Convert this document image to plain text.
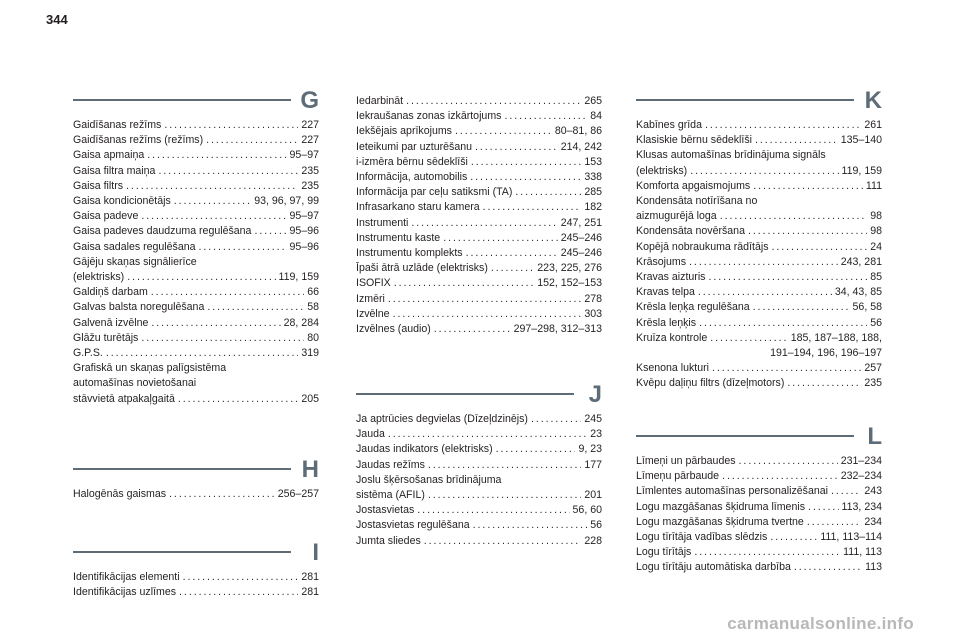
344
G
Gaidīšanas režīms . . .	227
Gaidīšanas režīms (režīms) . . .	227
Gaisa apmaiņa . . .	95–97
Gaisa filtra maiņa . . .	235
Gaisa filtrs . . .	235
Gaisa kondicionētājs . . .	93, 96, 97, 99
Gaisa padeve . . .	95–97
Gaisa padeves daudzuma regulēšana . . .	95–96
Gaisa sadales regulēšana . . .	95–96
Gājēju skaņas signālierīce
(elektrisks) . . .	119, 159
Galdiņš darbam . . .	66
Galvas balsta noregulēšana . . .	58
Galvenā izvēlne . . .	28, 284
Glāžu turētājs . . .	80
G.P.S. . . .	319
Grafiskā un skaņas palīgsistēma
automašīnas novietošanai
stāvvietā atpakaļgaitā . . .	205
H
Halogēnās gaismas . . .	256–257
I
Identifikācijas elementi . . .	281
Identifikācijas uzlīmes . . .	281
Iedarbināt . . .	265
Iekraušanas zonas izkārtojums . . .	84
Iekšējais aprīkojums . . .	80–81, 86
Ieteikumi par uzturēšanu . . .	214, 242
i-izmēra bērnu sēdeklīši . . .	153
Informācija, automobilis . . .	338
Informācija par ceļu satiksmi (TA) . . .	285
Infrasarkano staru kamera . . .	182
Instrumenti . . .	247, 251
Instrumentu kaste . . .	245–246
Instrumentu komplekts . . .	245–246
Īpaši ātrā uzlāde (elektrisks) . . .	223, 225, 276
ISOFIX . . .	152, 152–153
Izmēri . . .	278
Izvēlne . . .	303
Izvēlnes (audio) . . .	297–298, 312–313
J
Ja aptrūcies degvielas (Dīzeļdzinējs) . . .	245
Jauda . . .	23
Jaudas indikators (elektrisks) . . .	9, 23
Jaudas režīms . . .	177
Joslu šķērsošanas brīdinājuma
sistēma (AFIL) . . .	201
Jostasvietas . . .	56, 60
Jostasvietas regulēšana . . .	56
Jumta sliedes . . .	228
K
Kabīnes grīda . . .	261
Klasiskie bērnu sēdeklīši . . .	135–140
Klusas automašīnas brīdinājuma signāls
(elektrisks) . . .	119, 159
Komforta apgaismojums . . .	111
Kondensāta notīrīšana no
aizmugurējā loga . . .	98
Kondensāta novēršana . . .	98
Kopējā nobraukuma rādītājs . . .	24
Krāsojums . . .	243, 281
Kravas aizturis . . .	85
Kravas telpa . . .	34, 43, 85
Krēsla leņķa regulēšana . . .	56, 58
Krēsla leņķis . . .	56
Kruīza kontrole . . .	185, 187–188, 188,
191–194, 196, 196–197
Ksenona lukturi . . .	257
Kvēpu daļiņu filtrs (dīzeļmotors) . . .	235
L
Līmeņi un pārbaudes . . .	231–234
Līmeņu pārbaude . . .	232–234
Līmlentes automašīnas personalizēšanai . . .	243
Logu mazgāšanas šķidruma līmenis . . .	113, 234
Logu mazgāšanas šķidruma tvertne . . .	234
Logu tīrītāja vadības slēdzis . . .	111, 113–114
Logu tīrītājs . . .	111, 113
Logu tīrītāju automātiska darbība . . .	113
carmanualsonline.info
